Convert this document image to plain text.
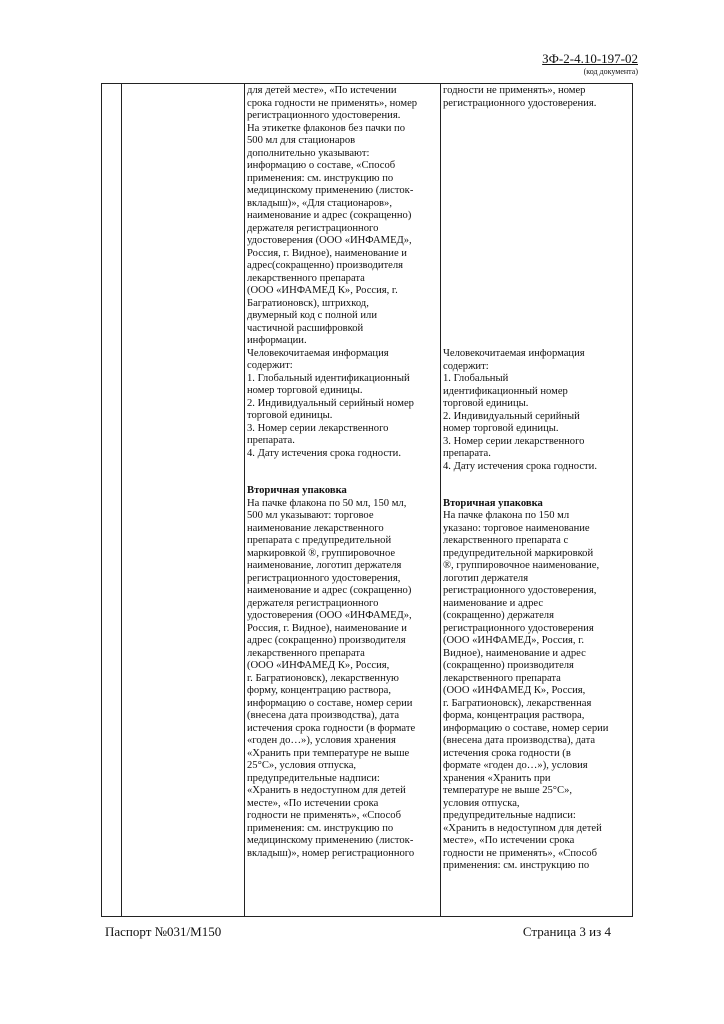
ЗФ-2-4.10-197-02
(код документа)

для детей месте», «По истечении

срока годности не применять», номер

регистрационного удостоверения.

На этикетке флаконов без пачки по

500 мл для стационаров

дополнительно указывают:

информацию о составе, «Способ

применения: см. инструкцию по

медицинскому применению (листок-

вкладыш)», «Для стационаров»,

наименование и адрес (сокращенно)

держателя регистрационного

удостоверения (ООО «ИНФАМЕД»,

Россия, г. Видное), наименование и

адрес(сокращенно) производителя

лекарственного препарата

(ООО «ИНФАМЕД К», Россия, г.

Багратионовск), штрихкод,

двумерный код с полной или

частичной расшифровкой

информации.

Человекочитаемая информация

содержит:

1. Глобальный идентификационный

номер торговой единицы.

2. Индивидуальный серийный номер

торговой единицы.

3. Номер серии лекарственного

препарата.

4. Дату истечения срока годности.

Вторичная упаковка

На пачке флакона по 50 мл, 150 мл,

500 мл указывают: торговое

наименование лекарственного

препарата с предупредительной

маркировкой ®, группировочное

наименование, логотип держателя

регистрационного удостоверения,

наименование и адрес (сокращенно)

держателя регистрационного

удостоверения (ООО «ИНФАМЕД»,

Россия, г. Видное), наименование и

адрес (сокращенно) производителя

лекарственного препарата

(ООО «ИНФАМЕД К», Россия,

г. Багратионовск), лекарственную

форму, концентрацию раствора,

информацию о составе, номер серии

(внесена дата производства), дата

истечения срока годности (в формате

«годен до…»), условия хранения

«Хранить при температуре не выше

25°С», условия отпуска,

предупредительные надписи:

«Хранить в недоступном для детей

месте», «По истечении срока

годности не применять», «Способ

применения: см. инструкцию по

медицинскому применению (листок-

вкладыш)», номер регистрационного

годности не применять», номер

регистрационного удостоверения.

Человекочитаемая информация

содержит:

1. Глобальный

идентификационный номер

торговой единицы.

2. Индивидуальный серийный

номер торговой единицы.

3. Номер серии лекарственного

препарата.

4. Дату истечения срока годности.

Вторичная упаковка

На пачке флакона по 150 мл

указано: торговое наименование

лекарственного препарата с

предупредительной маркировкой

®, группировочное наименование,

логотип держателя

регистрационного удостоверения,

наименование и адрес

(сокращенно) держателя

регистрационного удостоверения

(ООО «ИНФАМЕД», Россия, г.

Видное), наименование и адрес

(сокращенно) производителя

лекарственного препарата

(ООО «ИНФАМЕД К», Россия,

г. Багратионовск), лекарственная

форма, концентрация раствора,

информацию о составе, номер серии

(внесена дата производства), дата

истечения срока годности (в

формате «годен до…»), условия

хранения «Хранить при

температуре не выше 25°С»,

условия отпуска,

предупредительные надписи:

«Хранить в недоступном для детей

месте», «По истечении срока

годности не применять», «Способ

применения: см. инструкцию по

Паспорт №031/М150	Страница 3 из 4
